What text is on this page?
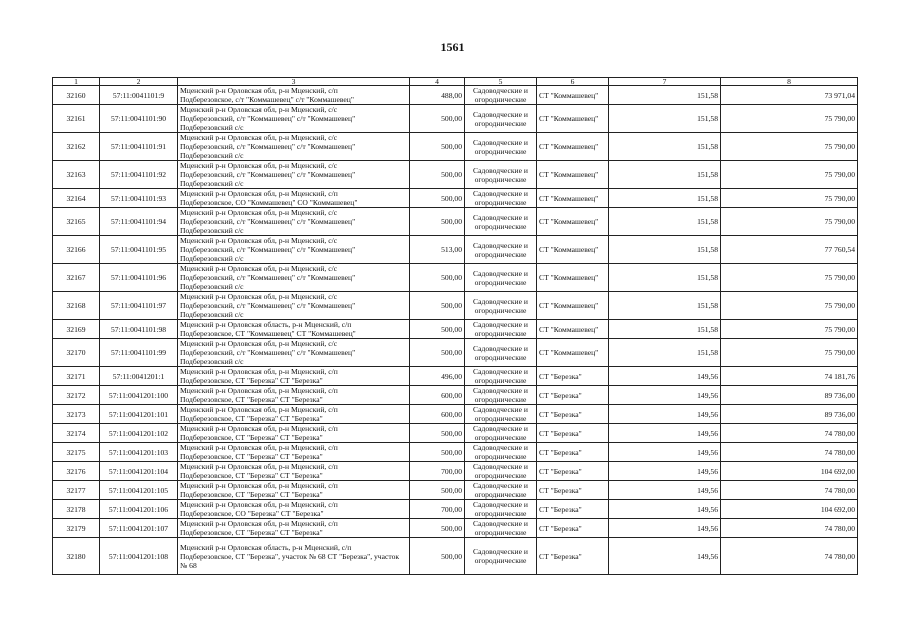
1561
1	2	3	4	5	6	7	8
32160	57:11:0041101:9	Мценский р-н Орловская обл, р-н Мценский, с/п
Подберезовское, с/т "Коммашевец" с/т "Коммашевец"	488,00	Садоводческие и
огороднические	СТ "Коммашевец"	151,58	73 971,04
32161	57:11:0041101:90	Мценский р-н Орловская обл, р-н Мценский, с/с
Подберезовский, с/т "Коммашевец" с/т "Коммашевец"
Подберезовский с/с	500,00	Садоводческие и
огороднические	СТ "Коммашевец"	151,58	75 790,00
32162	57:11:0041101:91	Мценский р-н Орловская обл, р-н Мценский, с/с
Подберезовский, с/т "Коммашевец" с/т "Коммашевец"
Подберезовский с/с	500,00	Садоводческие и
огороднические	СТ "Коммашевец"	151,58	75 790,00
32163	57:11:0041101:92	Мценский р-н Орловская обл, р-н Мценский, с/с
Подберезовский, с/т "Коммашевец" с/т "Коммашевец"
Подберезовский с/с	500,00	Садоводческие и
огороднические	СТ "Коммашевец"	151,58	75 790,00
32164	57:11:0041101:93	Мценский р-н Орловская обл, р-н Мценский, с/п
Подберезовское, СО "Коммашевец" СО "Коммашевец"	500,00	Садоводческие и
огороднические	СТ "Коммашевец"	151,58	75 790,00
32165	57:11:0041101:94	Мценский р-н Орловская обл, р-н Мценский, с/с
Подберезовский, с/т "Коммашевец" с/т "Коммашевец"
Подберезовский с/с	500,00	Садоводческие и
огороднические	СТ "Коммашевец"	151,58	75 790,00
32166	57:11:0041101:95	Мценский р-н Орловская обл, р-н Мценский, с/с
Подберезовский, с/т "Коммашевец" с/т "Коммашевец"
Подберезовский с/с	513,00	Садоводческие и
огороднические	СТ "Коммашевец"	151,58	77 760,54
32167	57:11:0041101:96	Мценский р-н Орловская обл, р-н Мценский, с/с
Подберезовский, с/т "Коммашевец" с/т "Коммашевец"
Подберезовский с/с	500,00	Садоводческие и
огороднические	СТ "Коммашевец"	151,58	75 790,00
32168	57:11:0041101:97	Мценский р-н Орловская обл, р-н Мценский, с/с
Подберезовский, с/т "Коммашевец" с/т "Коммашевец"
Подберезовский с/с	500,00	Садоводческие и
огороднические	СТ "Коммашевец"	151,58	75 790,00
32169	57:11:0041101:98	Мценский р-н Орловская область, р-н Мценский, с/п
Подберезовское, СТ "Коммашевец" СТ "Коммашевец"	500,00	Садоводческие и
огороднические	СТ "Коммашевец"	151,58	75 790,00
32170	57:11:0041101:99	Мценский р-н Орловская обл, р-н Мценский, с/с
Подберезовский, с/т "Коммашевец" с/т "Коммашевец"
Подберезовский с/с	500,00	Садоводческие и
огороднические	СТ "Коммашевец"	151,58	75 790,00
32171	57:11:0041201:1	Мценский р-н Орловская обл, р-н Мценский, с/п
Подберезовское, СТ "Березка" СТ "Березка"	496,00	Садоводческие и
огороднические	СТ "Березка"	149,56	74 181,76
32172	57:11:0041201:100	Мценский р-н Орловская обл, р-н Мценский, с/п
Подберезовское, СТ "Березка" СТ "Березка"	600,00	Садоводческие и
огороднические	СТ "Березка"	149,56	89 736,00
32173	57:11:0041201:101	Мценский р-н Орловская обл, р-н Мценский, с/п
Подберезовское, СТ "Березка" СТ "Березка"	600,00	Садоводческие и
огороднические	СТ "Березка"	149,56	89 736,00
32174	57:11:0041201:102	Мценский р-н Орловская обл, р-н Мценский, с/п
Подберезовское, СТ "Березка" СТ "Березка"	500,00	Садоводческие и
огороднические	СТ "Березка"	149,56	74 780,00
32175	57:11:0041201:103	Мценский р-н Орловская обл, р-н Мценский, с/п
Подберезовское, СТ "Березка" СТ "Березка"	500,00	Садоводческие и
огороднические	СТ "Березка"	149,56	74 780,00
32176	57:11:0041201:104	Мценский р-н Орловская обл, р-н Мценский, с/п
Подберезовское, СТ "Березка" СТ "Березка"	700,00	Садоводческие и
огороднические	СТ "Березка"	149,56	104 692,00
32177	57:11:0041201:105	Мценский р-н Орловская обл, р-н Мценский, с/п
Подберезовское, СТ "Березка" СТ "Березка"	500,00	Садоводческие и
огороднические	СТ "Березка"	149,56	74 780,00
32178	57:11:0041201:106	Мценский р-н Орловская обл, р-н Мценский, с/п
Подберезовское, СО "Березка" СТ "Березка"	700,00	Садоводческие и
огороднические	СТ "Березка"	149,56	104 692,00
32179	57:11:0041201:107	Мценский р-н Орловская обл, р-н Мценский, с/п
Подберезовское, СТ "Березка" СТ "Березка"	500,00	Садоводческие и
огороднические	СТ "Березка"	149,56	74 780,00
32180	57:11:0041201:108	Мценский р-н Орловская область, р-н Мценский, с/п
Подберезовское, СТ "Березка", участок № 68 СТ "Березка", участок
№ 68	500,00	Садоводческие и
огороднические	СТ "Березка"	149,56	74 780,00
